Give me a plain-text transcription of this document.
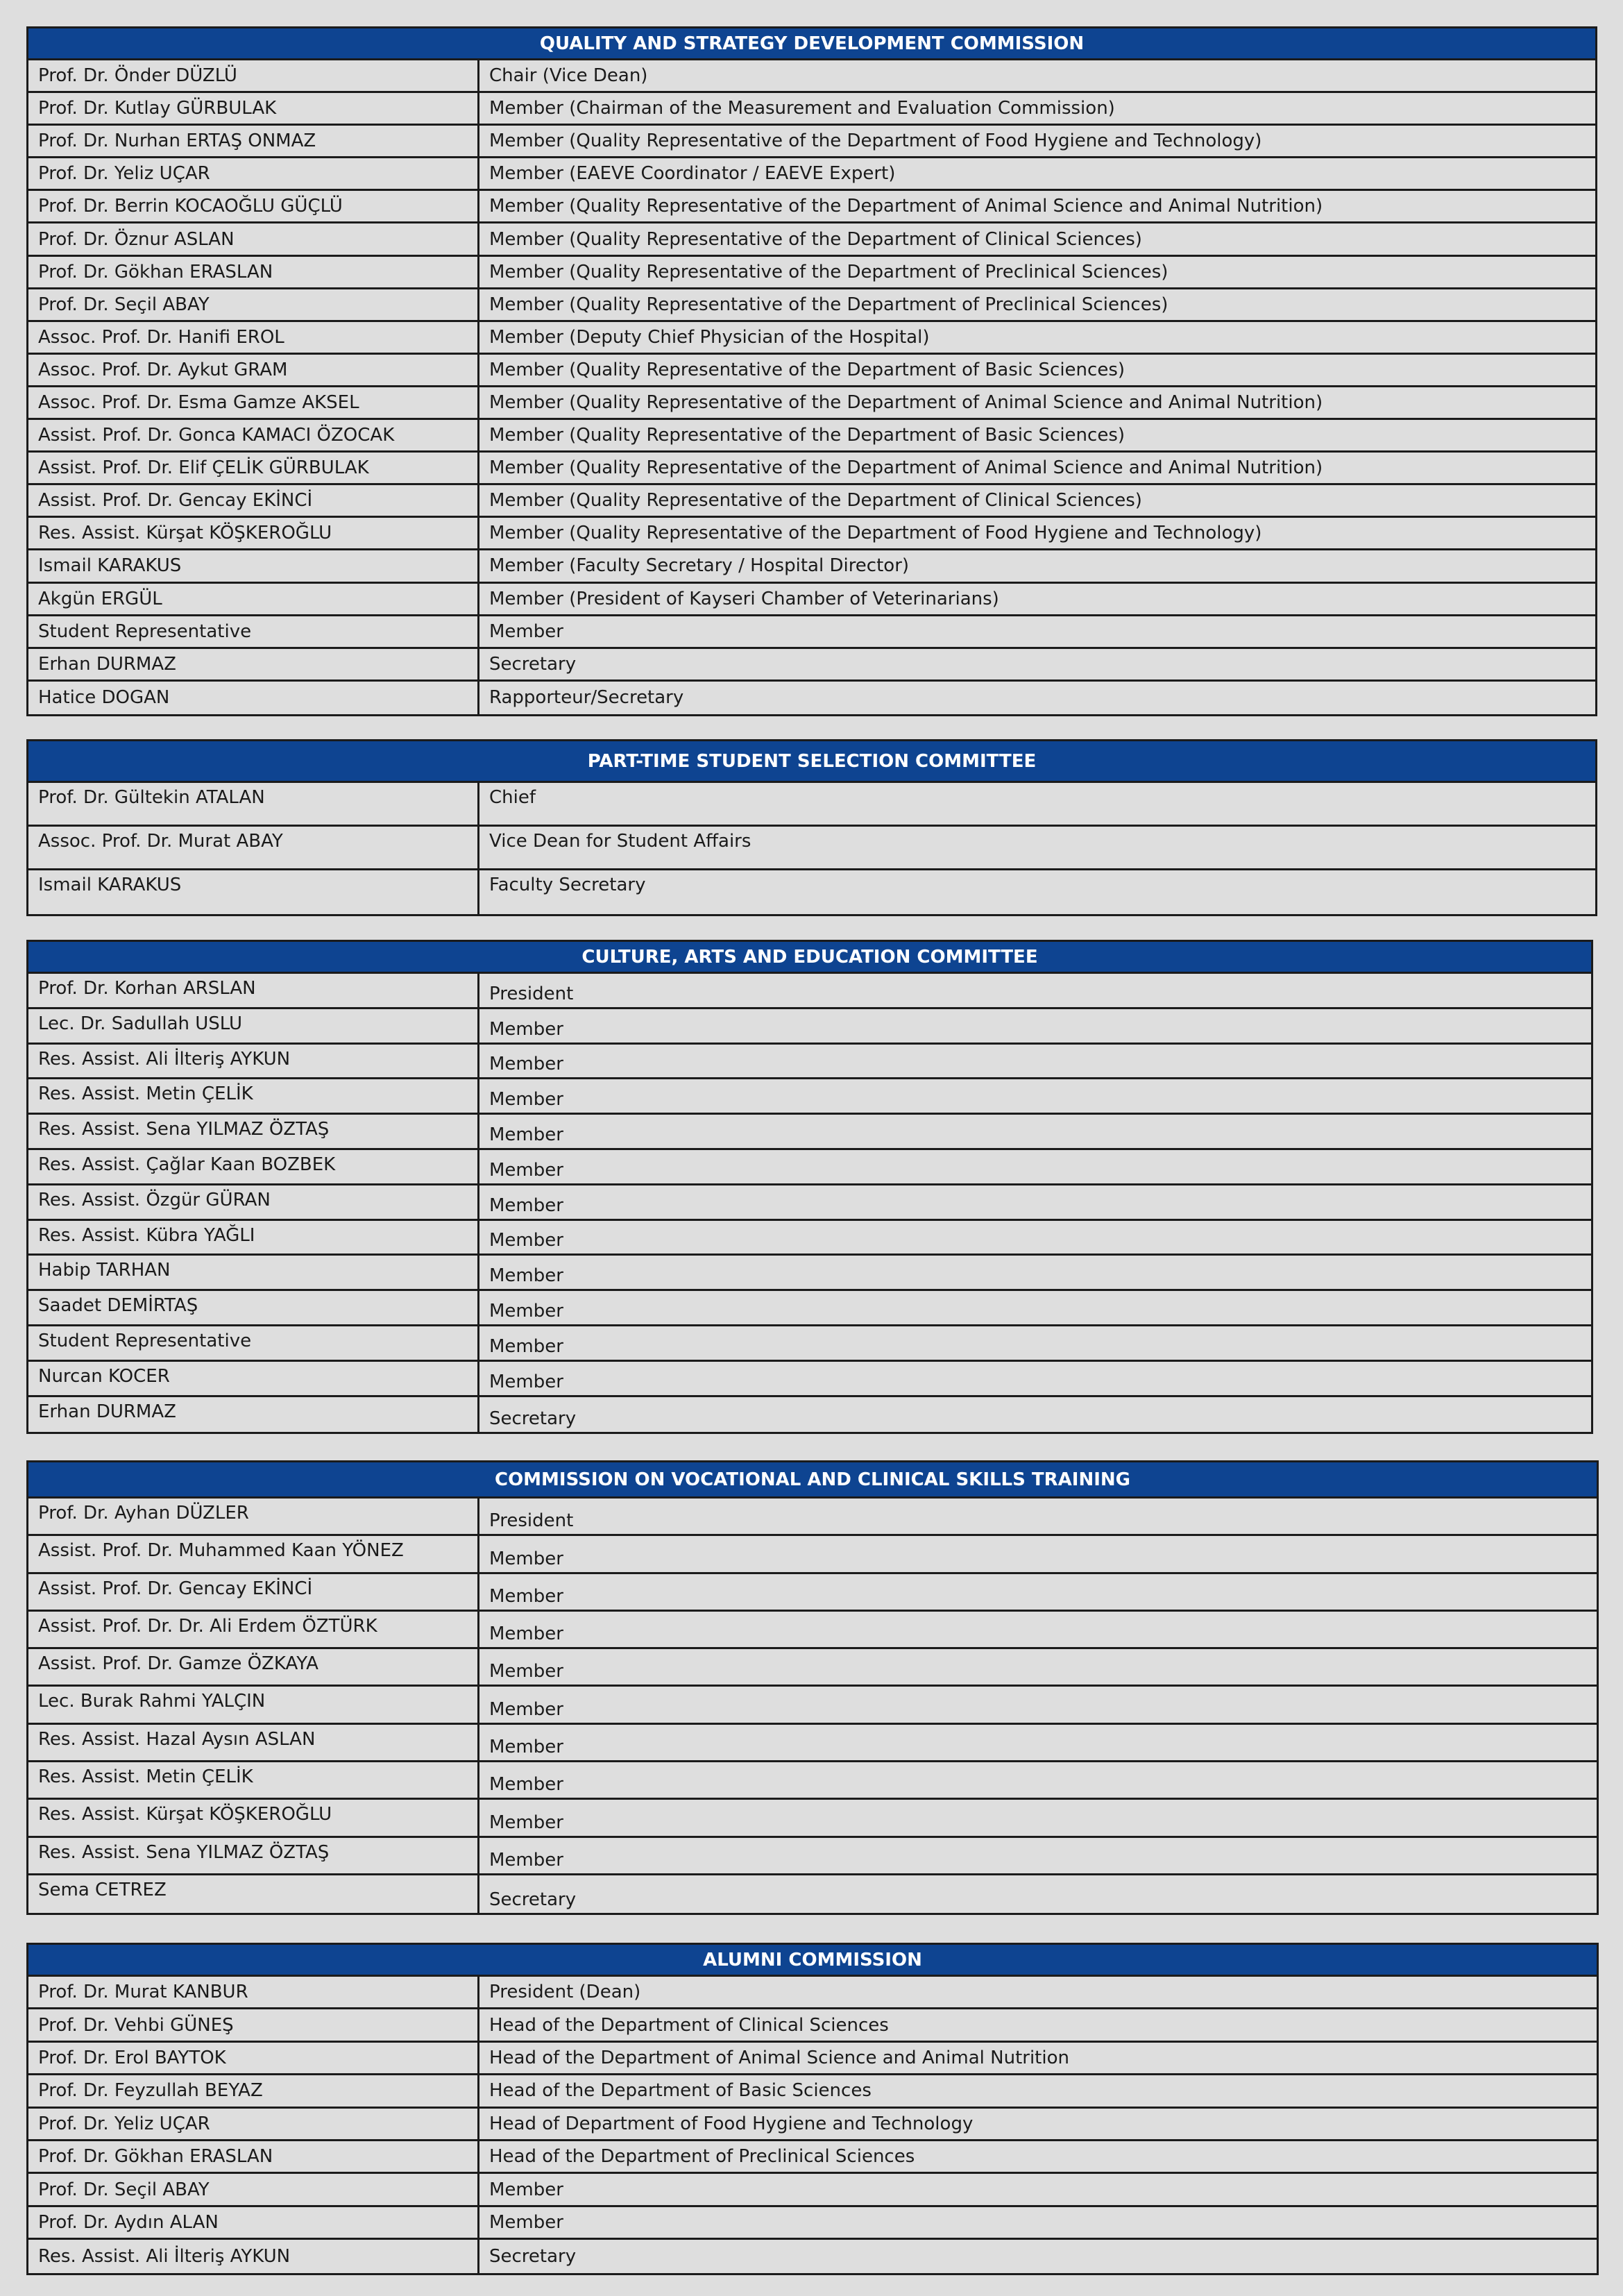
QUALITY AND STRATEGY DEVELOPMENT COMMISSION
Prof. Dr. Önder DÜZLÜ	Chair (Vice Dean)
Prof. Dr. Kutlay GÜRBULAK	Member (Chairman of the Measurement and Evaluation Commission)
Prof. Dr. Nurhan ERTAŞ ONMAZ	Member (Quality Representative of the Department of Food Hygiene and Technology)
Prof. Dr. Yeliz UÇAR	Member (EAEVE Coordinator / EAEVE Expert)
Prof. Dr. Berrin KOCAOĞLU GÜÇLÜ	Member (Quality Representative of the Department of Animal Science and Animal Nutrition)
Prof. Dr. Öznur ASLAN	Member (Quality Representative of the Department of Clinical Sciences)
Prof. Dr. Gökhan ERASLAN	Member (Quality Representative of the Department of Preclinical Sciences)
Prof. Dr. Seçil ABAY	Member (Quality Representative of the Department of Preclinical Sciences)
Assoc. Prof. Dr. Hanifi EROL	Member (Deputy Chief Physician of the Hospital)
Assoc. Prof. Dr. Aykut GRAM	Member (Quality Representative of the Department of Basic Sciences)
Assoc. Prof. Dr. Esma Gamze AKSEL	Member (Quality Representative of the Department of Animal Science and Animal Nutrition)
Assist. Prof. Dr. Gonca KAMACI ÖZOCAK	Member (Quality Representative of the Department of Basic Sciences)
Assist. Prof. Dr. Elif ÇELİK GÜRBULAK	Member (Quality Representative of the Department of Animal Science and Animal Nutrition)
Assist. Prof. Dr. Gencay EKİNCİ	Member (Quality Representative of the Department of Clinical Sciences)
Res. Assist. Kürşat KÖŞKEROĞLU	Member (Quality Representative of the Department of Food Hygiene and Technology)
Ismail KARAKUS	Member (Faculty Secretary / Hospital Director)
Akgün ERGÜL	Member (President of Kayseri Chamber of Veterinarians)
Student Representative	Member
Erhan DURMAZ	Secretary
Hatice DOGAN	Rapporteur/Secretary
PART-TIME STUDENT SELECTION COMMITTEE
Prof. Dr. Gültekin ATALAN	Chief
Assoc. Prof. Dr. Murat ABAY	Vice Dean for Student Affairs
Ismail KARAKUS	Faculty Secretary
CULTURE, ARTS AND EDUCATION COMMITTEE
Prof. Dr. Korhan ARSLAN	President
Lec. Dr. Sadullah USLU	Member
Res. Assist. Ali İlteriş AYKUN	Member
Res. Assist. Metin ÇELİK	Member
Res. Assist. Sena YILMAZ ÖZTAŞ	Member
Res. Assist. Çağlar Kaan BOZBEK	Member
Res. Assist. Özgür GÜRAN	Member
Res. Assist. Kübra YAĞLI	Member
Habip TARHAN	Member
Saadet DEMİRTAŞ	Member
Student Representative	Member
Nurcan KOCER	Member
Erhan DURMAZ	Secretary
COMMISSION ON VOCATIONAL AND CLINICAL SKILLS TRAINING
Prof. Dr. Ayhan DÜZLER	President
Assist. Prof. Dr. Muhammed Kaan YÖNEZ	Member
Assist. Prof. Dr. Gencay EKİNCİ	Member
Assist. Prof. Dr. Dr. Ali Erdem ÖZTÜRK	Member
Assist. Prof. Dr. Gamze ÖZKAYA	Member
Lec. Burak Rahmi YALÇIN	Member
Res. Assist. Hazal Aysın ASLAN	Member
Res. Assist. Metin ÇELİK	Member
Res. Assist. Kürşat KÖŞKEROĞLU	Member
Res. Assist. Sena YILMAZ ÖZTAŞ	Member
Sema CETREZ	Secretary
ALUMNI COMMISSION
Prof. Dr. Murat KANBUR	President (Dean)
Prof. Dr. Vehbi GÜNEŞ	Head of the Department of Clinical Sciences
Prof. Dr. Erol BAYTOK	Head of the Department of Animal Science and Animal Nutrition
Prof. Dr. Feyzullah BEYAZ	Head of the Department of Basic Sciences
Prof. Dr. Yeliz UÇAR	Head of Department of Food Hygiene and Technology
Prof. Dr. Gökhan ERASLAN	Head of the Department of Preclinical Sciences
Prof. Dr. Seçil ABAY	Member
Prof. Dr. Aydın ALAN	Member
Res. Assist. Ali İlteriş AYKUN	Secretary
